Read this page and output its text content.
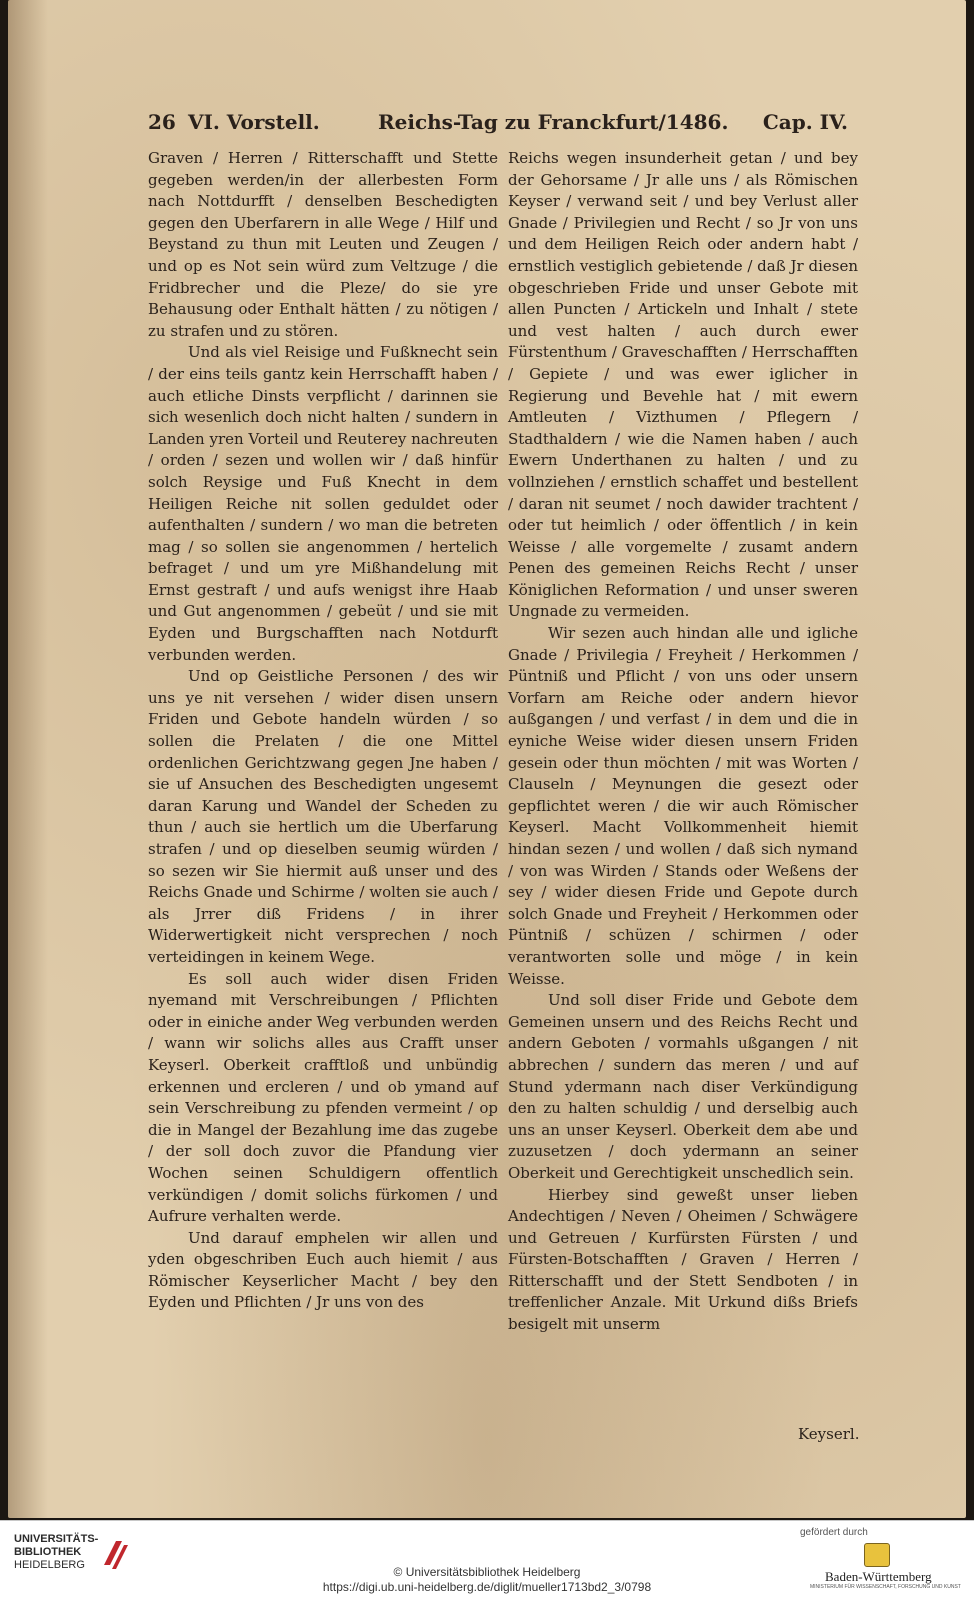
26 VI. Vorstell.	Reichs-Tag zu Franckfurt/1486. Cap. IV.

Graven / Herren / Ritterschafft und Stette gegeben werden/in der allerbesten Form nach Nottdurfft / denselben Beschedigten gegen den Uberfarern in alle Wege / Hilf und Beystand zu thun mit Leuten und Zeugen / und op es Not sein würd zum Veltzuge / die Fridbrecher und die Pleze/ do sie yre Behausung oder Enthalt hätten / zu nötigen / zu strafen und zu stören.

Und als viel Reisige und Fußknecht sein / der eins teils gantz kein Herrschafft haben / auch etliche Dinsts verpflicht / darinnen sie sich wesenlich doch nicht halten / sundern in Landen yren Vorteil und Reuterey nachreuten / orden / sezen und wollen wir / daß hinfür solch Reysige und Fuß Knecht in dem Heiligen Reiche nit sollen geduldet oder aufenthalten / sundern / wo man die betreten mag / so sollen sie angenommen / hertelich befraget / und um yre Mißhandelung mit Ernst gestraft / und aufs wenigst ihre Haab und Gut angenommen / gebeüt / und sie mit Eyden und Burgschafften nach Notdurft verbunden werden.

Und op Geistliche Personen / des wir uns ye nit versehen / wider disen unsern Friden und Gebote handeln würden / so sollen die Prelaten / die one Mittel ordenlichen Gerichtzwang gegen Jne haben / sie uf Ansuchen des Beschedigten ungesemt daran Karung und Wandel der Scheden zu thun / auch sie hertlich um die Uberfarung strafen / und op dieselben seumig würden / so sezen wir Sie hiermit auß unser und des Reichs Gnade und Schirme / wolten sie auch / als Jrrer diß Fridens / in ihrer Widerwertigkeit nicht versprechen / noch verteidingen in keinem Wege.

Es soll auch wider disen Friden nyemand mit Verschreibungen / Pflichten oder in einiche ander Weg verbunden werden / wann wir solichs alles aus Crafft unser Keyserl. Oberkeit crafftloß und unbündig erkennen und ercleren / und ob ymand auf sein Verschreibung zu pfenden vermeint / op die in Mangel der Bezahlung ime das zugebe / der soll doch zuvor die Pfandung vier Wochen seinen Schuldigern offentlich verkündigen / domit solichs fürkomen / und Aufrure verhalten werde.

Und darauf emphelen wir allen und yden obgeschriben Euch auch hiemit / aus Römischer Keyserlicher Macht / bey den Eyden und Pflichten / Jr uns von des

Reichs wegen insunderheit getan / und bey der Gehorsame / Jr alle uns / als Römischen Keyser / verwand seit / und bey Verlust aller Gnade / Privilegien und Recht / so Jr von uns und dem Heiligen Reich oder andern habt / ernstlich vestiglich gebietende / daß Jr diesen obgeschrieben Fride und unser Gebote mit allen Puncten / Artickeln und Inhalt / stete und vest halten / auch durch ewer Fürstenthum / Graveschafften / Herrschafften / Gepiete / und was ewer iglicher in Regierung und Bevehle hat / mit ewern Amtleuten / Vizthumen / Pflegern / Stadthaldern / wie die Namen haben / auch Ewern Underthanen zu halten / und zu vollnziehen / ernstlich schaffet und bestellent / daran nit seumet / noch dawider trachtent / oder tut heimlich / oder öffentlich / in kein Weisse / alle vorgemelte / zusamt andern Penen des gemeinen Reichs Recht / unser Königlichen Reformation / und unser sweren Ungnade zu vermeiden.

Wir sezen auch hindan alle und igliche Gnade / Privilegia / Freyheit / Herkommen / Püntniß und Pflicht / von uns oder unsern Vorfarn am Reiche oder andern hievor außgangen / und verfast / in dem und die in eyniche Weise wider diesen unsern Friden gesein oder thun möchten / mit was Worten / Clauseln / Meynungen die gesezt oder gepflichtet weren / die wir auch Römischer Keyserl. Macht Vollkommenheit hiemit hindan sezen / und wollen / daß sich nymand / von was Wirden / Stands oder Weßens der sey / wider diesen Fride und Gepote durch solch Gnade und Freyheit / Herkommen oder Püntniß / schüzen / schirmen / oder verantworten solle und möge / in kein Weisse.

Und soll diser Fride und Gebote dem Gemeinen unsern und des Reichs Recht und andern Geboten / vormahls ußgangen / nit abbrechen / sundern das meren / und auf Stund ydermann nach diser Verkündigung den zu halten schuldig / und derselbig auch uns an unser Keyserl. Oberkeit dem abe und zuzusetzen / doch ydermann an seiner Oberkeit und Gerechtigkeit unschedlich sein.

Hierbey sind geweßt unser lieben Andechtigen / Neven / Oheimen / Schwägere und Getreuen / Kurfürsten Fürsten / und Fürsten-Botschafften / Graven / Herren / Ritterschafft und der Stett Sendboten / in treffenlicher Anzale. Mit Urkund dißs Briefs besigelt mit unserm

Keyserl.
UNIVERSITÄTS-
BIBLIOTHEK
HEIDELBERG	© Universitätsbibliothek Heidelberg
https://digi.ub.uni-heidelberg.de/diglit/mueller1713bd2_3/0798
gefördert durch
Baden-Württemberg
MINISTERIUM FÜR WISSENSCHAFT, FORSCHUNG UND KUNST
